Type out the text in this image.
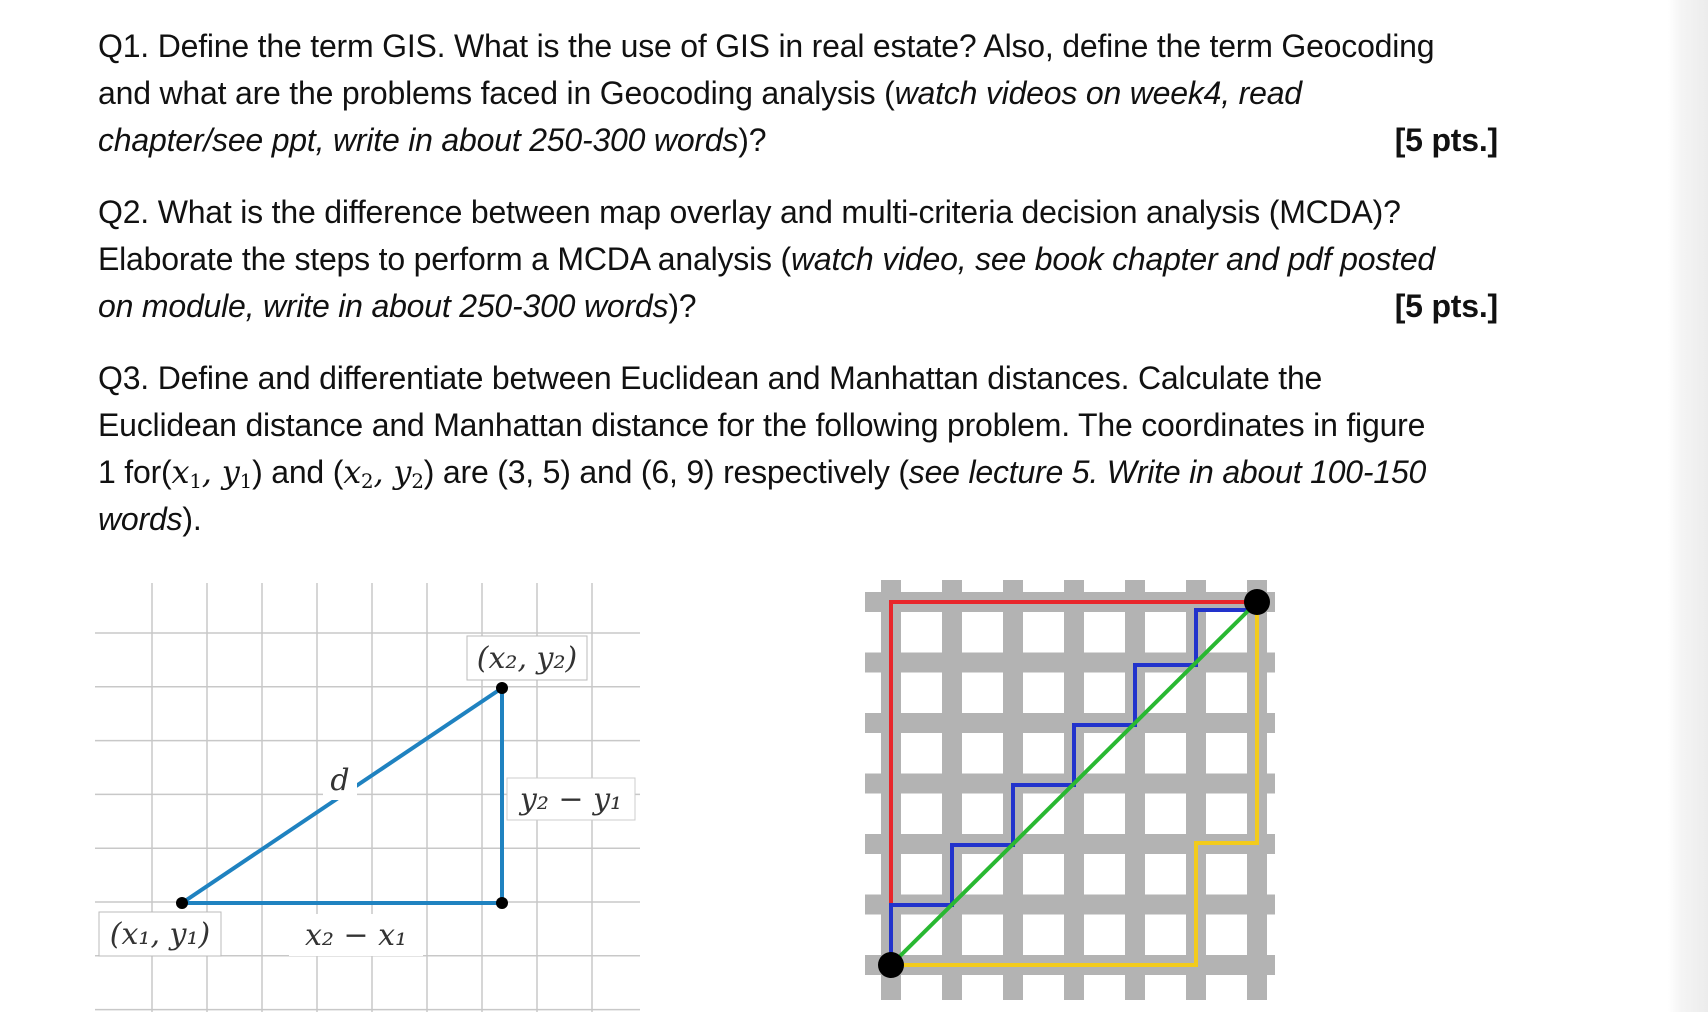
Q1. Define the term GIS. What is the use of GIS in real estate? Also, define the term Geocoding
and what are the problems faced in Geocoding analysis (watch videos on week4, read
chapter/see ppt, write in about 250-300 words)?	[5 pts.]
Q2. What is the difference between map overlay and multi-criteria decision analysis (MCDA)?
Elaborate the steps to perform a MCDA analysis (watch video, see book chapter and pdf posted
on module, write in about 250-300 words)?	[5 pts.]
Q3. Define and differentiate between Euclidean and Manhattan distances. Calculate the
Euclidean distance and Manhattan distance for the following problem. The coordinates in figure
1 $for(x_1$, $y_1$) and ($x_2$, $y_2$) are (3, 5) and (6, 9) respectively (see lecture 5. Write in about 100-150
words).
(x₂, y₂)
(x₁, y₁)
d
y₂ − y₁
x₂ − x₁
